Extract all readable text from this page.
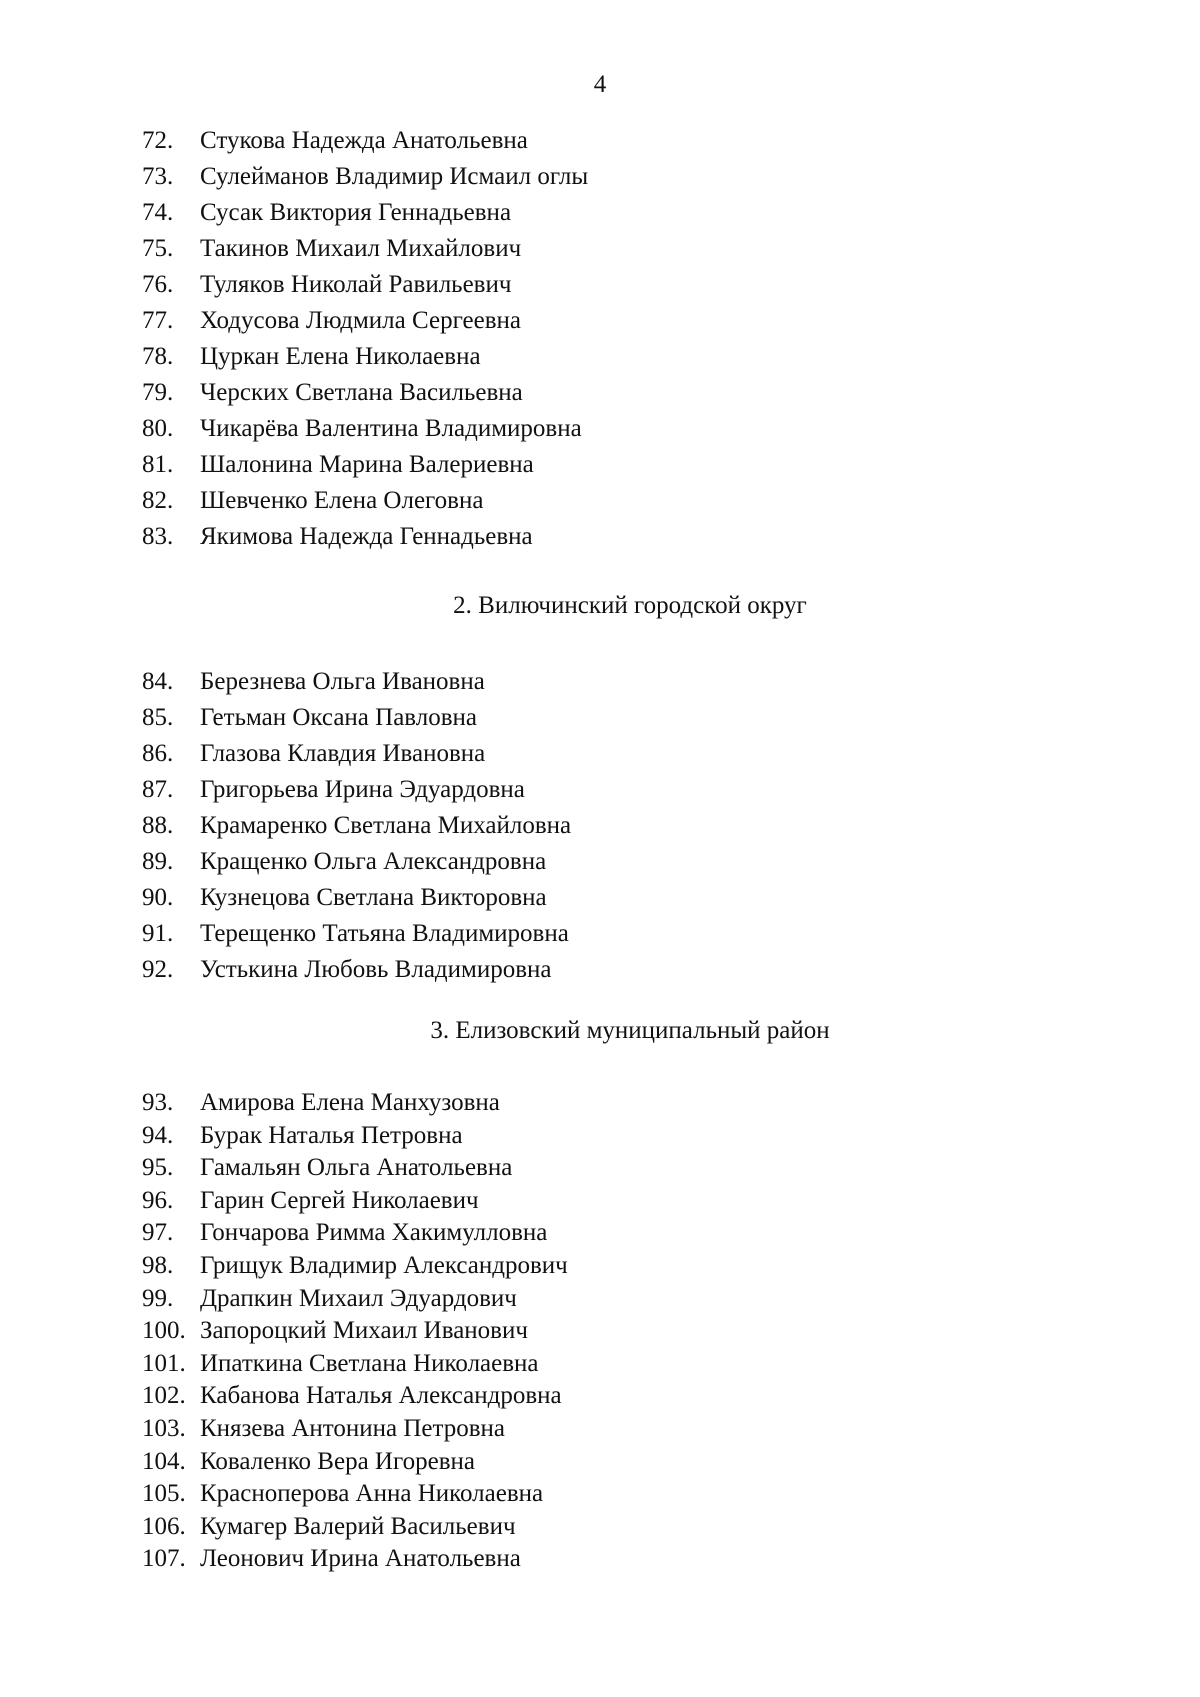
4
72.	Стукова Надежда Анатольевна
73.	Сулейманов Владимир Исмаил оглы
74.	Сусак Виктория Геннадьевна
75.	Такинов Михаил Михайлович
76.	Туляков Николай Равильевич
77.	Ходусова Людмила Сергеевна
78.	Цуркан Елена Николаевна
79.	Черских Светлана Васильевна
80.	Чикарёва Валентина Владимировна
81.	Шалонина Марина Валериевна
82.	Шевченко Елена Олеговна
83.	Якимова Надежда Геннадьевна
2. Вилючинский городской округ
84.	Березнева Ольга Ивановна
85.	Гетьман Оксана Павловна
86.	Глазова Клавдия Ивановна
87.	Григорьева Ирина Эдуардовна
88.	Крамаренко Светлана Михайловна
89.	Кращенко Ольга Александровна
90.	Кузнецова Светлана Викторовна
91.	Терещенко Татьяна Владимировна
92.	Устькина Любовь Владимировна
3. Елизовский муниципальный район
93.	Амирова Елена Манхузовна
94.	Бурак Наталья Петровна
95.	Гамальян Ольга Анатольевна
96.	Гарин Сергей Николаевич
97.	Гончарова Римма Хакимулловна
98.	Грищук Владимир Александрович
99.	Драпкин Михаил Эдуардович
100. Запороцкий Михаил Иванович
101. Ипаткина Светлана Николаевна
102. Кабанова Наталья Александровна
103. Князева Антонина Петровна
104. Коваленко Вера Игоревна
105. Красноперова Анна Николаевна
106. Кумагер Валерий Васильевич
107. Леонович Ирина Анатольевна
